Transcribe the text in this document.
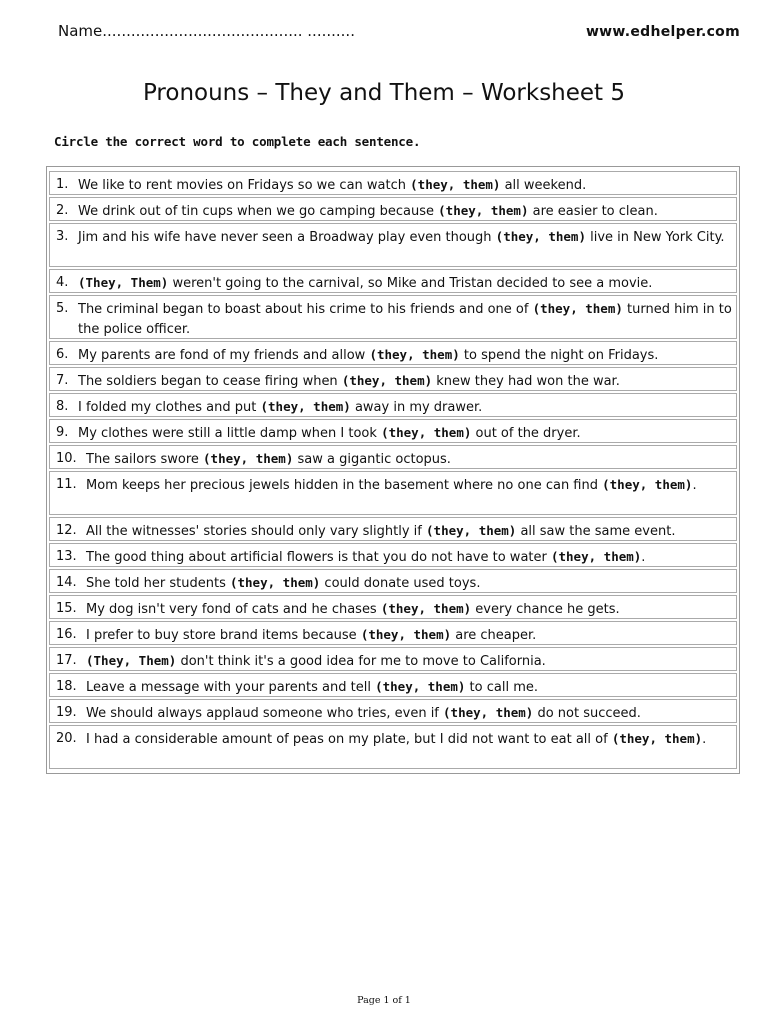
Name.......................................... ..........	www.edhelper.com
Pronouns – They and Them – Worksheet 5
Circle the correct word to complete each sentence.
1. We like to rent movies on Fridays so we can watch (they, them) all weekend.
2. We drink out of tin cups when we go camping because (they, them) are easier to clean.
3. Jim and his wife have never seen a Broadway play even though (they, them) live in New York City.
4. (They, Them) weren't going to the carnival, so Mike and Tristan decided to see a movie.
5. The criminal began to boast about his crime to his friends and one of (they, them) turned him in to the police officer.
6. My parents are fond of my friends and allow (they, them) to spend the night on Fridays.
7. The soldiers began to cease firing when (they, them) knew they had won the war.
8. I folded my clothes and put (they, them) away in my drawer.
9. My clothes were still a little damp when I took (they, them) out of the dryer.
10. The sailors swore (they, them) saw a gigantic octopus.
11. Mom keeps her precious jewels hidden in the basement where no one can find (they, them).
12. All the witnesses' stories should only vary slightly if (they, them) all saw the same event.
13. The good thing about artificial flowers is that you do not have to water (they, them).
14. She told her students (they, them) could donate used toys.
15. My dog isn't very fond of cats and he chases (they, them) every chance he gets.
16. I prefer to buy store brand items because (they, them) are cheaper.
17. (They, Them) don't think it's a good idea for me to move to California.
18. Leave a message with your parents and tell (they, them) to call me.
19. We should always applaud someone who tries, even if (they, them) do not succeed.
20. I had a considerable amount of peas on my plate, but I did not want to eat all of (they, them).
Page 1 of 1
